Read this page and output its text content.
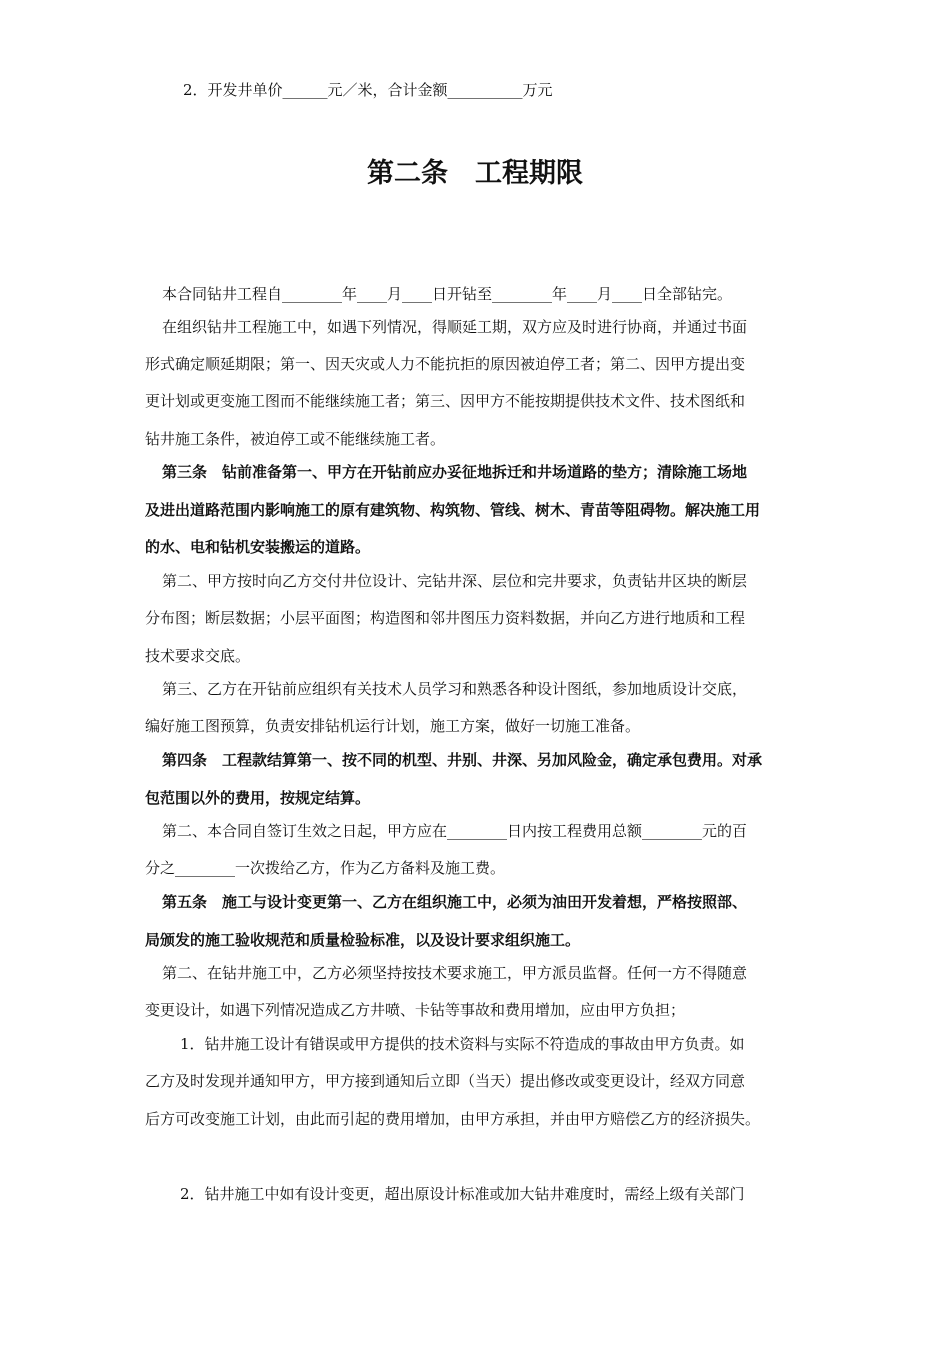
2．开发井单价______元／米，合计金额__________万元
第二条　工程期限
本合同钻井工程自________年____月____日开钻至________年____月____日全部钻完。
在组织钻井工程施工中，如遇下列情况，得顺延工期，双方应及时进行协商，并通过书面
形式确定顺延期限；第一、因天灾或人力不能抗拒的原因被迫停工者；第二、因甲方提出变
更计划或更变施工图而不能继续施工者；第三、因甲方不能按期提供技术文件、技术图纸和
钻井施工条件，被迫停工或不能继续施工者。
第三条　钻前准备第一、甲方在开钻前应办妥征地拆迁和井场道路的垫方；清除施工场地
及进出道路范围内影响施工的原有建筑物、构筑物、管线、树木、青苗等阻碍物。解决施工用
的水、电和钻机安装搬运的道路。
第二、甲方按时向乙方交付井位设计、完钻井深、层位和完井要求，负责钻井区块的断层
分布图；断层数据；小层平面图；构造图和邻井图压力资料数据，并向乙方进行地质和工程
技术要求交底。
第三、乙方在开钻前应组织有关技术人员学习和熟悉各种设计图纸，参加地质设计交底，
编好施工图预算，负责安排钻机运行计划，施工方案，做好一切施工准备。
第四条　工程款结算第一、按不同的机型、井别、井深、另加风险金，确定承包费用。对承
包范围以外的费用，按规定结算。
第二、本合同自签订生效之日起，甲方应在________日内按工程费用总额________元的百
分之________一次拨给乙方，作为乙方备料及施工费。
第五条　施工与设计变更第一、乙方在组织施工中，必须为油田开发着想，严格按照部、
局颁发的施工验收规范和质量检验标准，以及设计要求组织施工。
第二、在钻井施工中，乙方必须坚持按技术要求施工，甲方派员监督。任何一方不得随意
变更设计，如遇下列情况造成乙方井喷、卡钻等事故和费用增加，应由甲方负担；
1．钻井施工设计有错误或甲方提供的技术资料与实际不符造成的事故由甲方负责。如
乙方及时发现并通知甲方，甲方接到通知后立即（当天）提出修改或变更设计，经双方同意
后方可改变施工计划，由此而引起的费用增加，由甲方承担，并由甲方赔偿乙方的经济损失。
2．钻井施工中如有设计变更，超出原设计标准或加大钻井难度时，需经上级有关部门
